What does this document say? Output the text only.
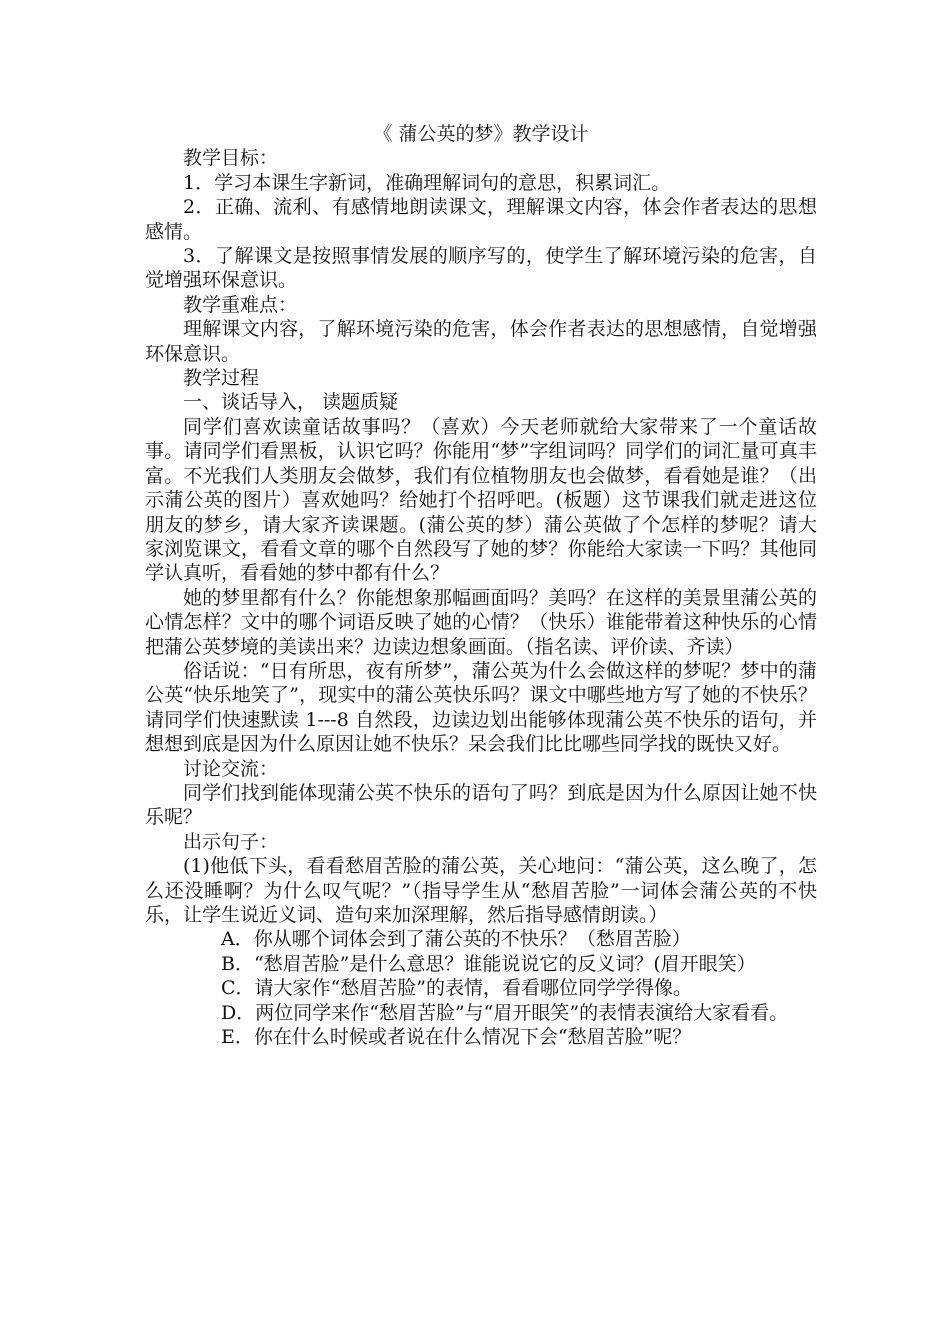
《 蒲公英的梦》教学设计

教学目标：

1．学习本课生字新词，准确理解词句的意思，积累词汇。

2．正确、流利、有感情地朗读课文，理解课文内容，体会作者表达的思想感情。

3．了解课文是按照事情发展的顺序写的，使学生了解环境污染的危害，自觉增强环保意识。

教学重难点：

理解课文内容，了解环境污染的危害，体会作者表达的思想感情，自觉增强环保意识。

教学过程

一、谈话导入， 读题质疑

同学们喜欢读童话故事吗？（喜欢）今天老师就给大家带来了一个童话故事。请同学们看黑板，认识它吗？你能用“梦”字组词吗？同学们的词汇量可真丰富。不光我们人类朋友会做梦，我们有位植物朋友也会做梦，看看她是谁？（出示蒲公英的图片）喜欢她吗？给她打个招呼吧。(板题）这节课我们就走进这位朋友的梦乡，请大家齐读课题。(蒲公英的梦）蒲公英做了个怎样的梦呢？请大家浏览课文，看看文章的哪个自然段写了她的梦？你能给大家读一下吗？其他同学认真听，看看她的梦中都有什么？

她的梦里都有什么？你能想象那幅画面吗？美吗？在这样的美景里蒲公英的心情怎样？文中的哪个词语反映了她的心情？（快乐）谁能带着这种快乐的心情把蒲公英梦境的美读出来？边读边想象画面。（指名读、评价读、齐读）

俗话说：“日有所思，夜有所梦”，蒲公英为什么会做这样的梦呢？梦中的蒲公英“快乐地笑了”，现实中的蒲公英快乐吗？课文中哪些地方写了她的不快乐？请同学们快速默读 1---8 自然段，边读边划出能够体现蒲公英不快乐的语句，并想想到底是因为什么原因让她不快乐？呆会我们比比哪些同学找的既快又好。

讨论交流：

同学们找到能体现蒲公英不快乐的语句了吗？到底是因为什么原因让她不快乐呢？

出示句子：

(1)他低下头，看看愁眉苦脸的蒲公英，关心地问：“蒲公英，这么晚了，怎么还没睡啊？为什么叹气呢？”（指导学生从“愁眉苦脸”一词体会蒲公英的不快乐，让学生说近义词、造句来加深理解，然后指导感情朗读。）

A．你从哪个词体会到了蒲公英的不快乐？（愁眉苦脸）

B．“愁眉苦脸”是什么意思？谁能说说它的反义词？(眉开眼笑）

C．请大家作“愁眉苦脸”的表情，看看哪位同学学得像。

D．两位同学来作“愁眉苦脸”与“眉开眼笑”的表情表演给大家看看。

E．你在什么时候或者说在什么情况下会“愁眉苦脸”呢？
